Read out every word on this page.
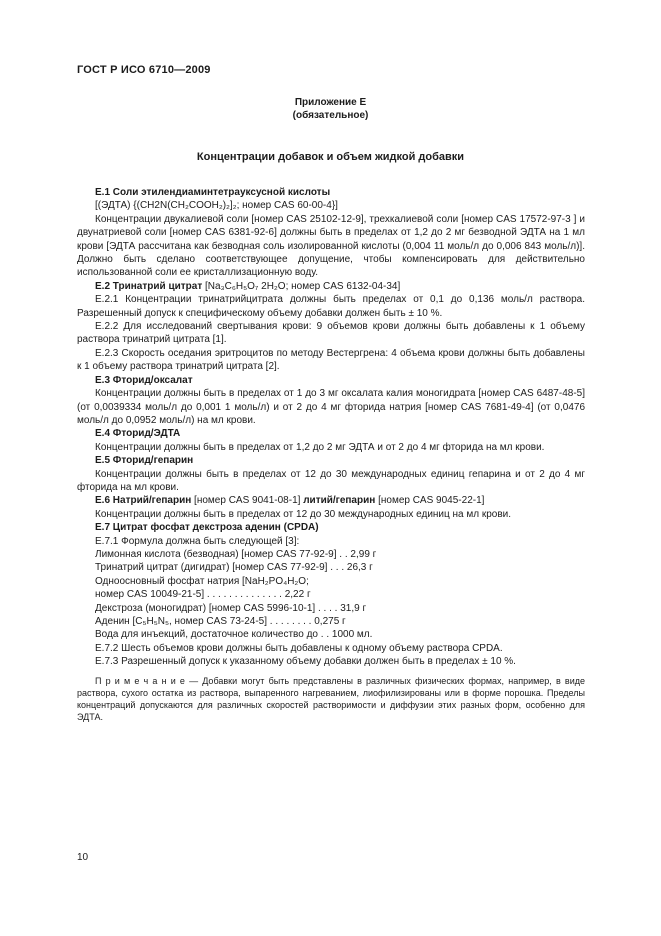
ГОСТ Р ИСО 6710—2009
Приложение Е
(обязательное)
Концентрации добавок и объем жидкой добавки

Е.1 Соли этилендиаминтетрауксусной кислоты

[(ЭДТА) {(CH2N(CH₂COOH₂)₂]₂; номер CAS 60-00-4}]

Концентрации двукалиевой соли [номер CAS 25102-12-9], трехкалиевой соли [номер CAS 17572-97-3 ] и двунатриевой соли [номер CAS 6381-92-6] должны быть в пределах от 1,2 до 2 мг безводной ЭДТА на 1 мл крови [ЭДТА рассчитана как безводная соль изолированной кислоты (0,004 11 моль/л до 0,006 843 моль/л)]. Должно быть сделано соответствующее допущение, чтобы компенсировать для действительно использованной соли ее кристаллизационную воду.

Е.2 Тринатрий цитрат [Na₃C₆H₅O₇ 2H₂O; номер CAS 6132-04-34]

Е.2.1 Концентрации тринатрийцитрата должны быть пределах от 0,1 до 0,136 моль/л раствора. Разрешенный допуск к специфическому объему добавки должен быть ± 10 %.

Е.2.2 Для исследований свертывания крови: 9 объемов крови должны быть добавлены к 1 объему раствора тринатрий цитрата [1].

Е.2.3 Скорость оседания эритроцитов по методу Вестергрена: 4 объема крови должны быть добавлены к 1 объему раствора тринатрий цитрата [2].

Е.3 Фторид/оксалат

Концентрации должны быть в пределах от 1 до 3 мг оксалата калия моногидрата [номер CAS 6487-48-5] (от 0,0039334 моль/л до 0,001 1 моль/л) и от 2 до 4 мг фторида натрия [номер CAS 7681-49-4] (от 0,0476 моль/л до 0,0952 моль/л) на мл крови.

Е.4 Фторид/ЭДТА

Концентрации должны быть в пределах от 1,2 до 2 мг ЭДТА и от 2 до 4 мг фторида на мл крови.

Е.5 Фторид/гепарин

Концентрации должны быть в пределах от 12 до 30 международных единиц гепарина и от 2 до 4 мг фторида на мл крови.

Е.6 Натрий/гепарин [номер CAS 9041-08-1] литий/гепарин [номер CAS 9045-22-1]

Концентрации должны быть в пределах от 12 до 30 международных единиц на мл крови.

Е.7 Цитрат фосфат декстроза аденин (CPDA)

Е.7.1 Формула должна быть следующей [3]:

Лимонная кислота (безводная) [номер CAS 77-92-9] . . 2,99 г

Тринатрий цитрат (дигидрат) [номер CAS 77-92-9] . . . 26,3 г

Одноосновный фосфат натрия [NaH₂PO₄H₂O;

номер CAS 10049-21-5] . . . . . . . . . . . . . . 2,22 г

Декстроза (моногидрат) [номер CAS 5996-10-1] . . . . 31,9 г

Аденин [C₅H₅N₅, номер CAS 73-24-5] . . . . . . . . 0,275 г

Вода для инъекций, достаточное количество до . . 1000 мл.

Е.7.2 Шесть объемов крови должны быть добавлены к одному объему раствора CPDA.

Е.7.3 Разрешенный допуск к указанному объему добавки должен быть в пределах ± 10 %.

П р и м е ч а н и е — Добавки могут быть представлены в различных физических формах, например, в виде раствора, сухого остатка из раствора, выпаренного нагреванием, лиофилизированы или в форме порошка. Пределы концентраций допускаются для различных скоростей растворимости и диффузии этих разных форм, особенно для ЭДТА.

10
